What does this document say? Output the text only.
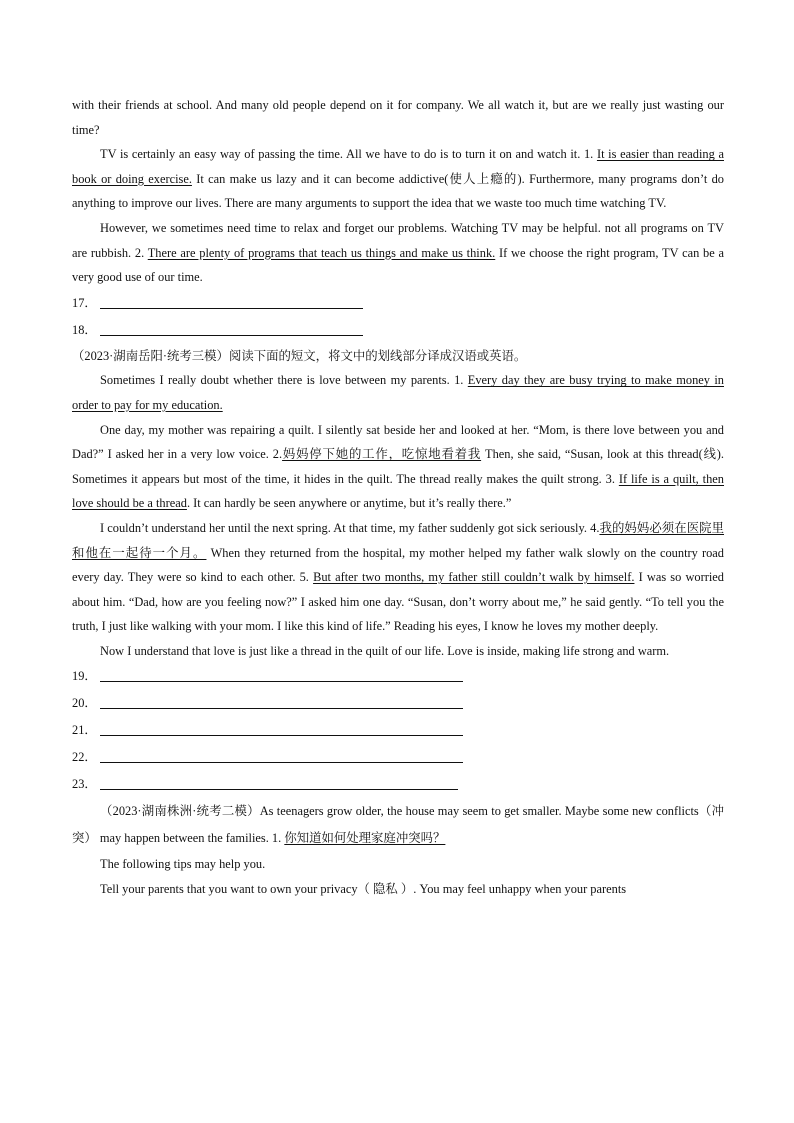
with their friends at school. And many old people depend on it for company. We all watch it, but are we really just wasting our time?

TV is certainly an easy way of passing the time. All we have to do is to turn it on and watch it. 1. It is easier than reading a book or doing exercise. It can make us lazy and it can become addictive(使人上瘾的). Furthermore, many programs don’t do anything to improve our lives. There are many arguments to support the idea that we waste too much time watching TV.

However, we sometimes need time to relax and forget our problems. Watching TV may be helpful. not all programs on TV are rubbish. 2. There are plenty of programs that teach us things and make us think. If we choose the right program, TV can be a very good use of our time.

17．
18．

（2023·湖南岳阳·统考三模）阅读下面的短文，将文中的划线部分译成汉语或英语。

Sometimes I really doubt whether there is love between my parents. 1. Every day they are busy trying to make money in order to pay for my education.

One day, my mother was repairing a quilt. I silently sat beside her and looked at her. “Mom, is there love between you and Dad?” I asked her in a very low voice. 2.妈妈停下她的工作，吃惊地看着我 Then, she said, “Susan, look at this thread(线). Sometimes it appears but most of the time, it hides in the quilt. The thread really makes the quilt strong. 3. If life is a quilt, then love should be a thread. It can hardly be seen anywhere or anytime, but it’s really there.”

I couldn’t understand her until the next spring. At that time, my father suddenly got sick seriously. 4.我的妈妈必须在医院里和他在一起待一个月。 When they returned from the hospital, my mother helped my father walk slowly on the country road every day. They were so kind to each other. 5. But after two months, my father still couldn’t walk by himself. I was so worried about him. “Dad, how are you feeling now?” I asked him one day. “Susan, don’t worry about me,” he said gently. “To tell you the truth, I just like walking with your mom. I like this kind of life.” Reading his eyes, I know he loves my mother deeply.

Now I understand that love is just like a thread in the quilt of our life. Love is inside, making life strong and warm.

19．
20．
21．
22．
23．

（2023·湖南株洲·统考二模）As teenagers grow older, the house may seem to get smaller. Maybe some new conflicts（冲突） may happen between the families. 1. 你知道如何处理家庭冲突吗？

The following tips may help you.

Tell your parents that you want to own your privacy（ 隐私 ）. You may feel unhappy when your parents
